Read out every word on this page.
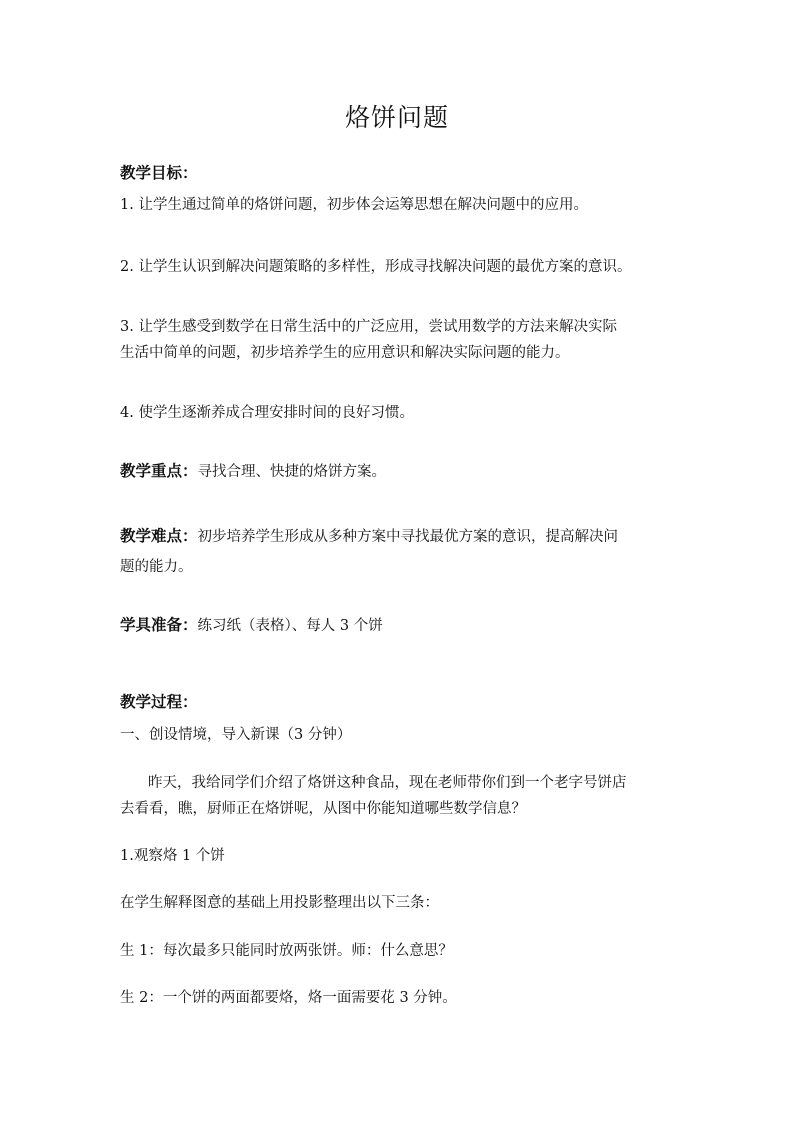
烙饼问题
教学目标：
1. 让学生通过简单的烙饼问题，初步体会运筹思想在解决问题中的应用。
2. 让学生认识到解决问题策略的多样性，形成寻找解决问题的最优方案的意识。
3. 让学生感受到数学在日常生活中的广泛应用，尝试用数学的方法来解决实际
生活中简单的问题，初步培养学生的应用意识和解决实际问题的能力。
4. 使学生逐渐养成合理安排时间的良好习惯。
教学重点：寻找合理、快捷的烙饼方案。
教学难点：初步培养学生形成从多种方案中寻找最优方案的意识，提高解决问
题的能力。
学具准备：练习纸（表格）、每人 3 个饼
教学过程：
一、创设情境，导入新课（3 分钟）
昨天，我给同学们介绍了烙饼这种食品，现在老师带你们到一个老字号饼店
去看看，瞧，厨师正在烙饼呢，从图中你能知道哪些数学信息？
1.观察烙 1 个饼
在学生解释图意的基础上用投影整理出以下三条：
生 1：每次最多只能同时放两张饼。师：什么意思？
生 2：一个饼的两面都要烙，烙一面需要花 3 分钟。
